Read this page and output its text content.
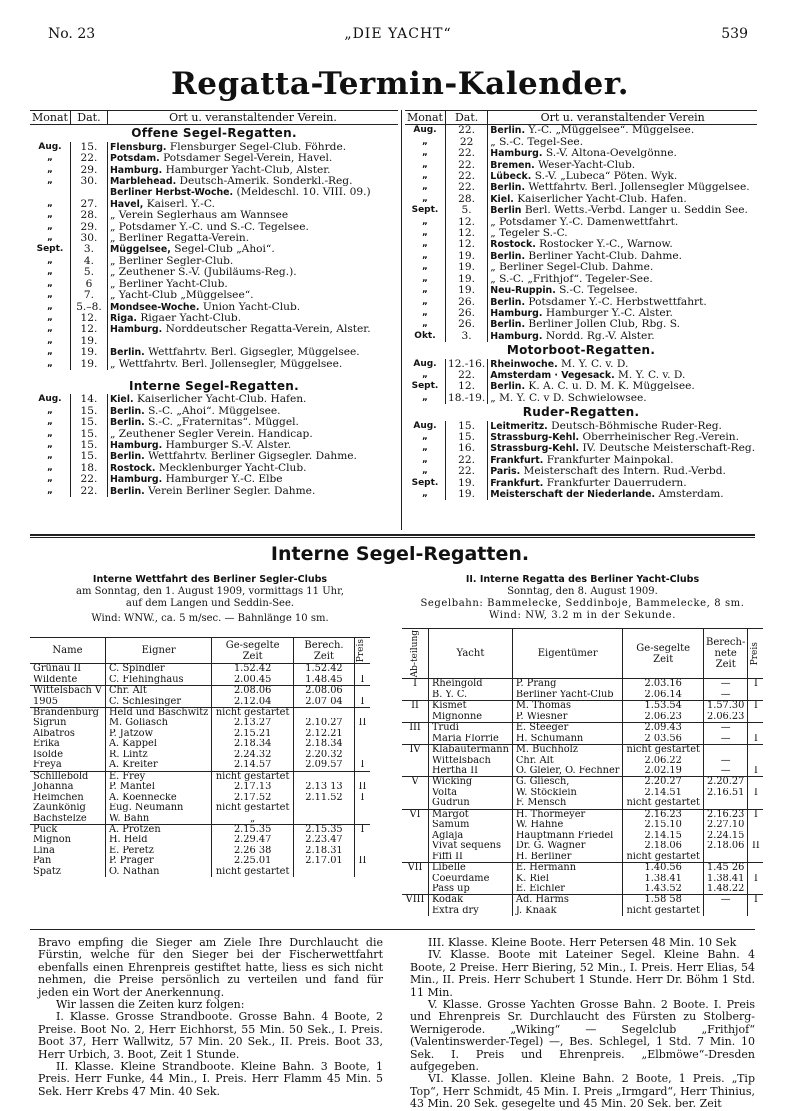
No. 23	„DIE YACHT“	539
Regatta-Termin-Kalender.
Monat	Dat.	Ort u. veranstaltender Verein.
Offene Segel-Regatten.		
Aug.	15.	Flensburg. Flensburger Segel-Club. Föhrde.
„	22.	Potsdam. Potsdamer Segel-Verein, Havel.
„	29.	Hamburg. Hamburger Yacht-Club, Alster.
„	30.	Marblehead. Deutsch-Amerik. Sonderkl.-Reg.
		Berliner Herbst-Woche. (Meldeschl. 10. VIII. 09.)
„	27.	Havel, Kaiserl. Y.-C.
„	28.	„ Verein Seglerhaus am Wannsee
„	29.	„ Potsdamer Y.-C. und S.-C. Tegelsee.
„	30.	„ Berliner Regatta-Verein.
Sept.	3.	Müggelsee, Segel-Club „Ahoi“.
„	4.	„ Berliner Segler-Club.
„	5.	„ Zeuthener S.-V. (Jubiläums-Reg.).
„	6	„ Berliner Yacht-Club.
„	7.	„ Yacht-Club „Müggelsee“.
„	5.–8.	Mondsee-Woche. Union Yacht-Club.
„	12.	Riga. Rigaer Yacht-Club.
„	12.	Hamburg. Norddeutscher Regatta-Verein, Alster.
„	19.	
„	19.	Berlin. Wettfahrtv. Berl. Gigsegler, Müggelsee.
„	19.	„ Wettfahrtv. Berl. Jollensegler, Müggelsee.

Interne Segel-Regatten.		
Aug.	14.	Kiel. Kaiserlicher Yacht-Club. Hafen.
„	15.	Berlin. S.-C. „Ahoi“. Müggelsee.
„	15.	Berlin. S.-C. „Fraternitas“. Müggel.
„	15.	„ Zeuthener Segler Verein. Handicap.
„	15.	Hamburg. Hamburger S.-V. Alster.
„	15.	Berlin. Wettfahrtv. Berliner Gigsegler. Dahme.
„	18.	Rostock. Mecklenburger Yacht-Club.
„	22.	Hamburg. Hamburger Y.-C. Elbe
„	22.	Berlin. Verein Berliner Segler. Dahme.
Monat	Dat.	Ort u. veranstaltender Verein
Aug.	22.	Berlin. Y.-C. „Müggelsee“. Müggelsee.
„	22	„ S.-C. Tegel-See.
„	22.	Hamburg. S.-V. Altona-Oevelgönne.
„	22.	Bremen. Weser-Yacht-Club.
„	22.	Lübeck. S.-V. „Lubeca“ Pöten. Wyk.
„	22.	Berlin. Wettfahrtv. Berl. Jollensegler Müggelsee.
„	28.	Kiel. Kaiserlicher Yacht-Club. Hafen.
Sept.	5.	Berlin Berl. Wetts.-Verbd. Langer u. Seddin See.
„	12.	„ Potsdamer Y.-C. Damenwettfahrt.
„	12.	„ Tegeler S.-C.
„	12.	Rostock. Rostocker Y.-C., Warnow.
„	19.	Berlin. Berliner Yacht-Club. Dahme.
„	19.	„ Berliner Segel-Club. Dahme.
„	19.	„ S.-C. „Frithjof“. Tegeler-See.
„	19.	Neu-Ruppin. S.-C. Tegelsee.
„	26.	Berlin. Potsdamer Y.-C. Herbstwettfahrt.
„	26.	Hamburg. Hamburger Y.-C. Alster.
„	26.	Berlin. Berliner Jollen Club, Rbg. S.
Okt.	3.	Hamburg. Nordd. Rg.-V. Alster.
Motorboot-Regatten.		
Aug.	12.-16.	Rheinwoche. M. Y. C. v. D.
„	22.	Amsterdam · Vegesack. M. Y. C. v. D.
Sept.	12.	Berlin. K. A. C. u. D. M. K. Müggelsee.
„	18.-19.	„ M. Y. C. v D. Schwielowsee.
Ruder-Regatten.		
Aug.	15.	Leitmeritz. Deutsch-Böhmische Ruder-Reg.
„	15.	Strassburg-Kehl. Oberrheinischer Reg.-Verein.
„	16.	Strassburg-Kehl. IV. Deutsche Meisterschaft-Reg.
„	22.	Frankfurt. Frankfurter Mainpokal.
„	22.	Paris. Meisterschaft des Intern. Rud.-Verbd.
Sept.	19.	Frankfurt. Frankfurter Dauerrudern.
„	19.	Meisterschaft der Niederlande. Amsterdam.
Interne Segel-Regatten.
Interne Wettfahrt des Berliner Segler-Clubs
am Sonntag, den 1. August 1909, vormittags 11 Uhr,
auf dem Langen und Seddin-See.
Wind: WNW., ca. 5 m/sec. — Bahnlänge 10 sm.
II. Interne Regatta des Berliner Yacht-Clubs
Sonntag, den 8. August 1909.
Segelbahn: Bammelecke, Seddinboje, Bammelecke, 8 sm.
Wind: NW, 3.2 m in der Sekunde.
Name	Eigner	Ge-segelte Zeit	Berech. Zeit	Preis
Grünau II	C. Spindler	1.52.42	1.52.42	
Wildente	C. Flehinghaus	2.00.45	1.48.45	I
Wittelsbach V	Chr. Alt	2.08.06	2.08.06	
1905	C. Schlesinger	2.12.04	2.07 04	I
Brandenburg	Held und Baschwitz	nicht gestartet		
Sigrun	M. Goliasch	2.13.27	2.10.27	II
Albatros	P. Jatzow	2.15.21	2.12.21	
Erika	A. Kappel	2.18.34	2.18.34	
Isolde	R. Lintz	2.24.32	2.20.32	
Freya	A. Kreiter	2.14.57	2.09.57	I
Schillebold	E. Frey	nicht gestartet		
Johanna	P. Mantel	2.17.13	2.13 13	II
Heimchen	A. Koennecke	2.17.52	2.11.52	I
Zaunkönig	Eug. Neumann	nicht gestartet		
Bachstelze	W. Bahn	„		
Puck	A. Protzen	2.15.35	2.15.35	I
Mignon	H. Held	2.29.47	2.23.47	
Lina	E. Peretz	2.26 38	2.18.31	
Pan	P. Prager	2.25.01	2.17.01	II
Spatz	O. Nathan	nicht gestartet		
Ab-teilung	Yacht	Eigentümer	Ge-segelte Zeit	Berech-nete Zeit	Preis
I	Rheingold	P. Prang	2.03.16	—	I
	B. Y. C.	Berliner Yacht-Club	2.06.14	—	
II	Kismet	M. Thomas	1.53.54	1.57.30	I
	Mignonne	P. Wiesner	2.06.23	2.06.23	
III	Trudi	E. Steeger	2.09.43	—	
	Maria Florrie	H. Schumann	2 03.56	—	I
IV	Klabautermann	M. Buchholz	nicht gestartet		
	Wittelsbach	Chr. Alt	2.06.22	—	
	Hertha II	O. Gleier, O. Fechner	2.02.19	—	I
V	Wicking	G. Gliesch,	2.20.27	2.20.27	
	Volta	W. Stöcklein	2.14.51	2.16.51	I
	Gudrun	F. Mensch	nicht gestartet		
VI	Margot	H. Thormeyer	2.16.23	2.16.23	I
	Samum	W. Hahne	2.15.10	2.27.10	
	Aglaja	Hauptmann Friedel	2.14.15	2.24.15	
	Vivat sequens	Dr. G. Wagner	2.18.06	2.18.06	II
	Fiffi II	H. Berliner	nicht gestartet		
VII	Libelle	E. Hermann	1.40.56	1.45 26	
	Coeurdame	K. Riel	1.38.41	1.38.41	I
	Pass up	E. Eichler	1.43.52	1.48.22	
VIII	Kodak	Ad. Harms	1.58 58	—	I
	Extra dry	J. Knaak	nicht gestartet		

Bravo empfing die Sieger am Ziele Ihre Durchlaucht die Fürstin, welche für den Sieger bei der Fischerwettfahrt ebenfalls einen Ehrenpreis gestiftet hatte, liess es sich nicht nehmen, die Preise persönlich zu verteilen und fand für jeden ein Wort der Anerkennung.

Wir lassen die Zeiten kurz folgen:

I. Klasse. Grosse Strandboote. Grosse Bahn. 4 Boote, 2 Preise. Boot No. 2, Herr Eichhorst, 55 Min. 50 Sek., I. Preis. Boot 37, Herr Wallwitz, 57 Min. 20 Sek., II. Preis. Boot 33, Herr Urbich, 3. Boot, Zeit 1 Stunde.

II. Klasse. Kleine Strandboote. Kleine Bahn. 3 Boote, 1 Preis. Herr Funke, 44 Min., I. Preis. Herr Flamm 45 Min. 5 Sek. Herr Krebs 47 Min. 40 Sek.

III. Klasse. Kleine Boote. Herr Petersen 48 Min. 10 Sek

IV. Klasse. Boote mit Lateiner Segel. Kleine Bahn. 4 Boote, 2 Preise. Herr Biering, 52 Min., I. Preis. Herr Elias, 54 Min., II. Preis. Herr Schubert 1 Stunde. Herr Dr. Böhm 1 Std. 11 Min.

V. Klasse. Grosse Yachten Grosse Bahn. 2 Boote. I. Preis und Ehrenpreis Sr. Durchlaucht des Fürsten zu Stolberg-Wernigerode. „Wiking“ — Segelclub „Frithjof“ (Valentinswerder-Tegel) —, Bes. Schlegel, 1 Std. 7 Min. 10 Sek. I. Preis und Ehrenpreis. „Elbmöwe“-Dresden aufgegeben.

VI. Klasse. Jollen. Kleine Bahn. 2 Boote, 1 Preis. „Tip Top“, Herr Schmidt, 45 Min. I. Preis „Irmgard“, Herr Thinius, 43 Min. 20 Sek. gesegelte und 45 Min. 20 Sek. ber. Zeit
